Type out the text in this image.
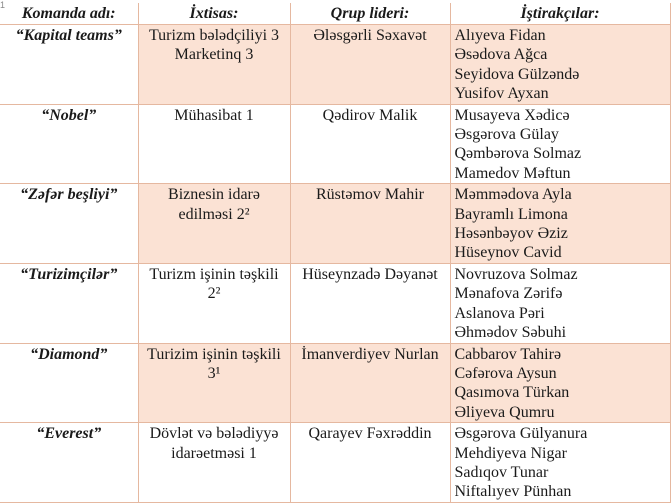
1 Komanda adı:	İxtisas:	Qrup lideri:	İştirakçılar:
“Kapital teams”	Turizm bələdçiliyi 3 Marketinq 3	Ələsgərli Səxavət	Alıyeva Fidan
Əsədova Ağca
Seyidova Gülzəndə
Yusifov Ayxan

“Nobel”	Mühasibat 1	Qədirov Malik	Musayeva Xədicə
Əsgərova Gülay
Qəmbərova Solmaz
Mamedov Məftun

“Zəfər beşliyi”	Biznesin idarə edilməsi 2²	Rüstəmov Mahir	Məmmədova Ayla
Bayramlı Limona
Həsənbəyov Əziz
Hüseynov Cavid

“Turizimçilər”	Turizm işinin təşkili 2²	Hüseynzadə Dəyanət	Novruzova Solmaz
Mənafova Zərifə
Aslanova Pəri
Əhmədov Səbuhi

“Diamond”	Turizim işinin təşkili 3¹	İmanverdiyev Nurlan	Cabbarov Tahirə
Cəfərova Aysun
Qasımova Türkan
Əliyeva Qumru

“Everest”	Dövlət və bələdiyyə idarəetməsi 1	Qarayev Fəxrəddin	Əsgərova Gülyanura
Mehdiyeva Nigar
Sadıqov Tunar
Niftalıyev Pünhan
